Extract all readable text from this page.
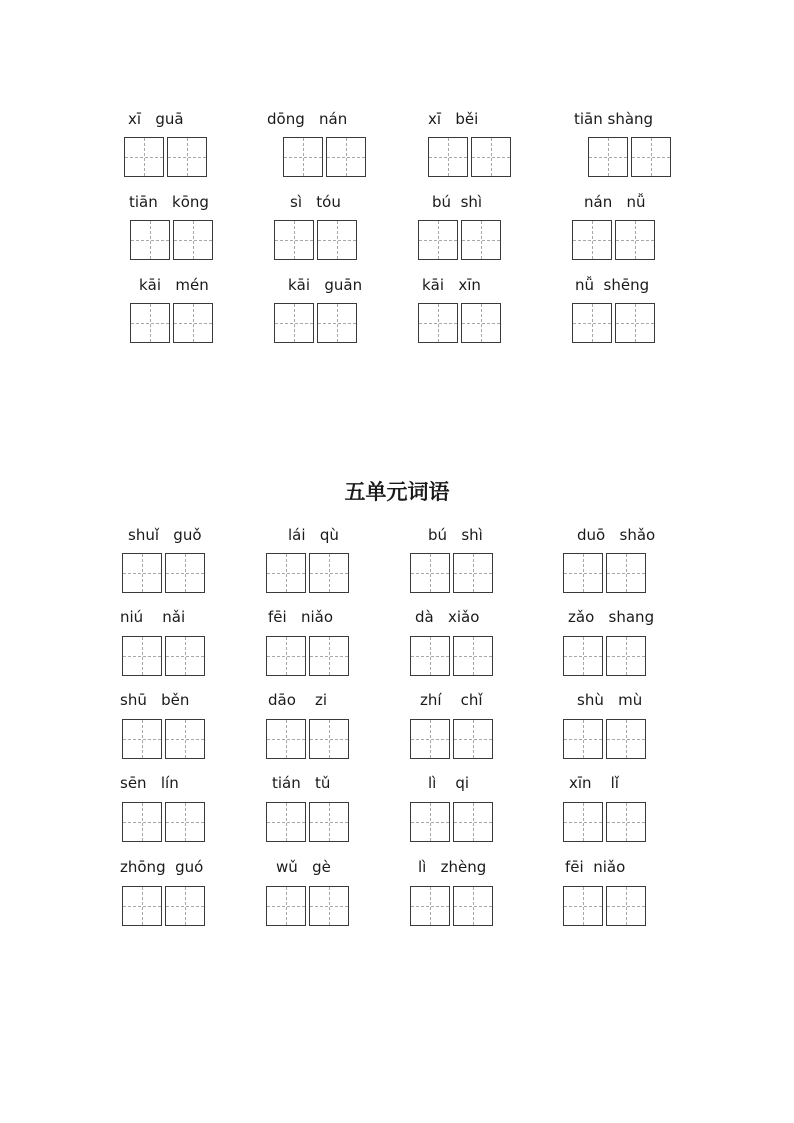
五单元词语
xī   guā	dōng   nán	xī   běi	tiān shàng
tiān   kōng	sì   tóu	bú  shì	nán   nǚ
kāi   mén	kāi   guān	kāi   xīn	nǚ  shēng
shuǐ   guǒ	lái   qù	bú   shì	duō   shǎo
niú    nǎi	fēi   niǎo	dà   xiǎo	zǎo   shang
shū   běn	dāo    zi	zhí    chǐ	shù   mù
sēn   lín	tián   tǔ	lì    qi	xīn    lǐ
zhōng  guó	wǔ   gè	lì   zhèng	fēi  niǎo
